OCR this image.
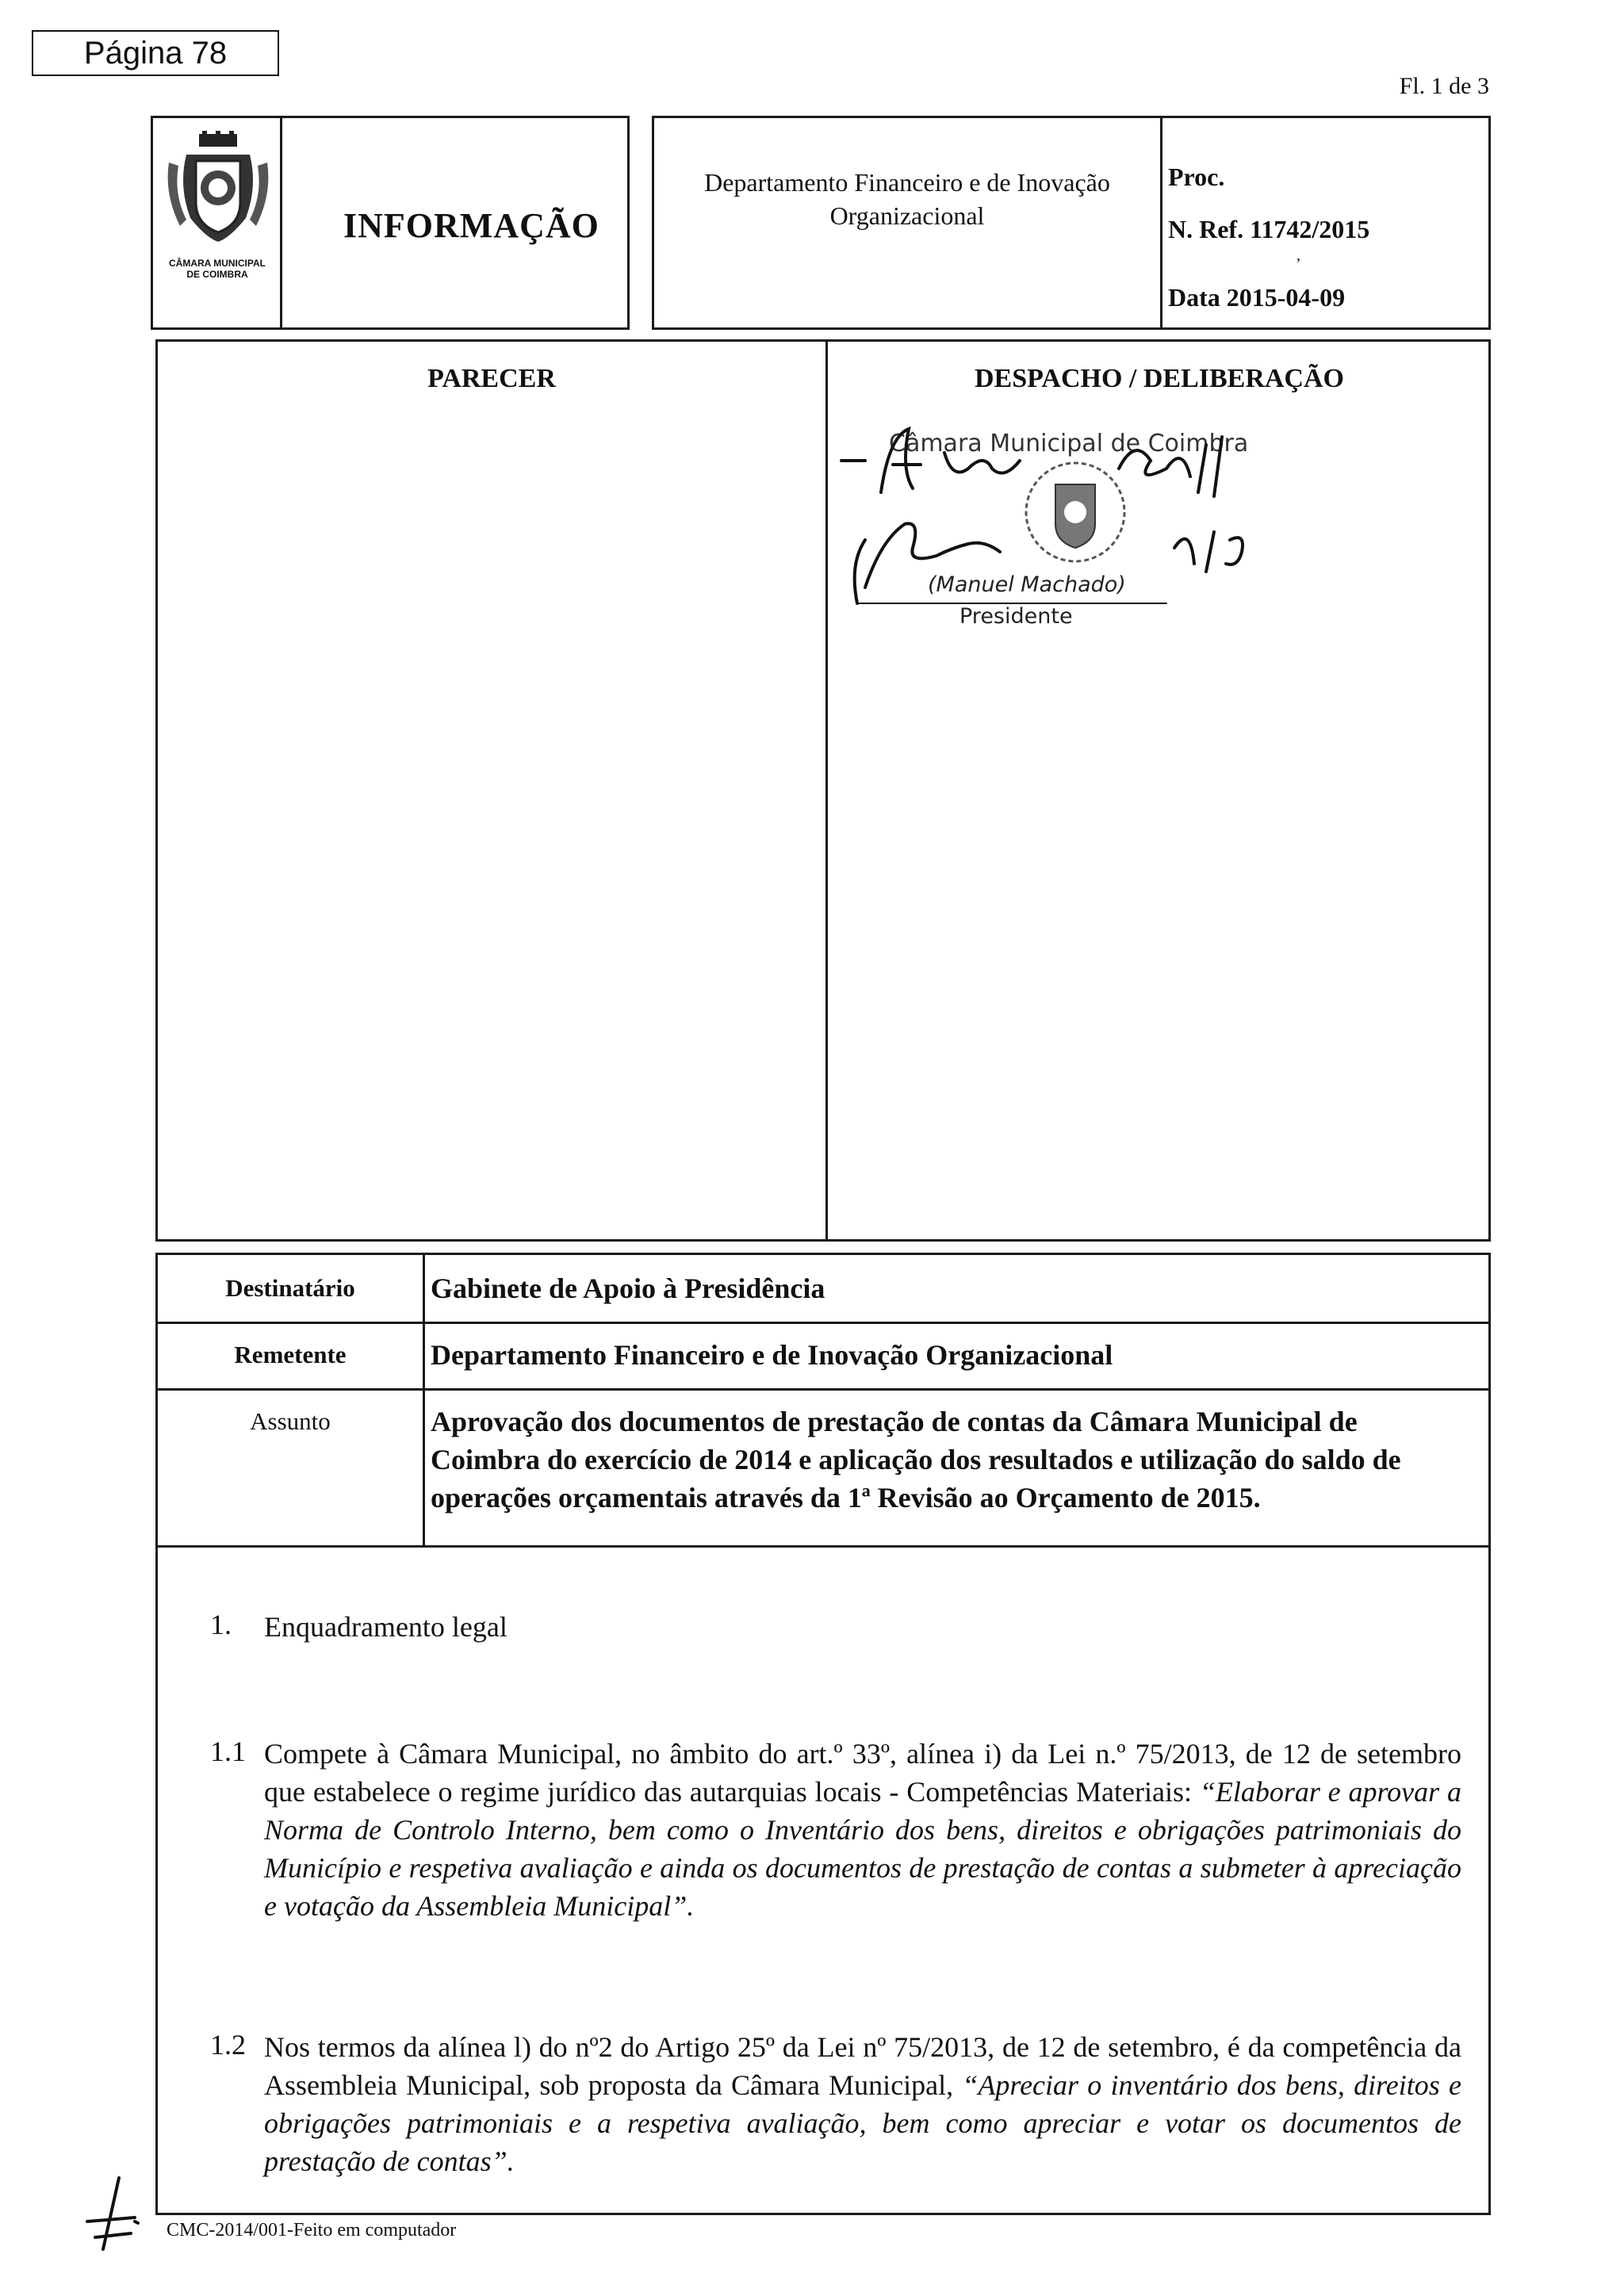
Página 78
Fl. 1 de 3
CÂMARA MUNICIPAL
DE COIMBRA
INFORMAÇÃO
Departamento Financeiro e de Inovação
Organizacional
Proc.
N. Ref. 11742/2015
,
Data 2015-04-09
PARECER	DESPACHO / DELIBERAÇÃO
Câmara Municipal de Coimbra
(Manuel Machado)
Presidente
Destinatário	Gabinete de Apoio à Presidência
Remetente	Departamento Financeiro e de Inovação Organizacional
Assunto	Aprovação dos documentos de prestação de contas da Câmara Municipal de Coimbra do exercício de 2014 e aplicação dos resultados e utilização do saldo de operações orçamentais através da 1ª Revisão ao Orçamento de 2015.
1. Enquadramento legal
1.1 Compete à Câmara Municipal, no âmbito do art.º 33º, alínea i) da Lei n.º 75/2013, de 12 de setembro que estabelece o regime jurídico das autarquias locais - Competências Materiais: “Elaborar e aprovar a Norma de Controlo Interno, bem como o Inventário dos bens, direitos e obrigações patrimoniais do Município e respetiva avaliação e ainda os documentos de prestação de contas a submeter à apreciação e votação da Assembleia Municipal”.
1.2 Nos termos da alínea l) do nº2 do Artigo 25º da Lei nº 75/2013, de 12 de setembro, é da competência da Assembleia Municipal, sob proposta da Câmara Municipal, “Apreciar o inventário dos bens, direitos e obrigações patrimoniais e a respetiva avaliação, bem como apreciar e votar os documentos de prestação de contas”.
CMC-2014/001-Feito em computador
